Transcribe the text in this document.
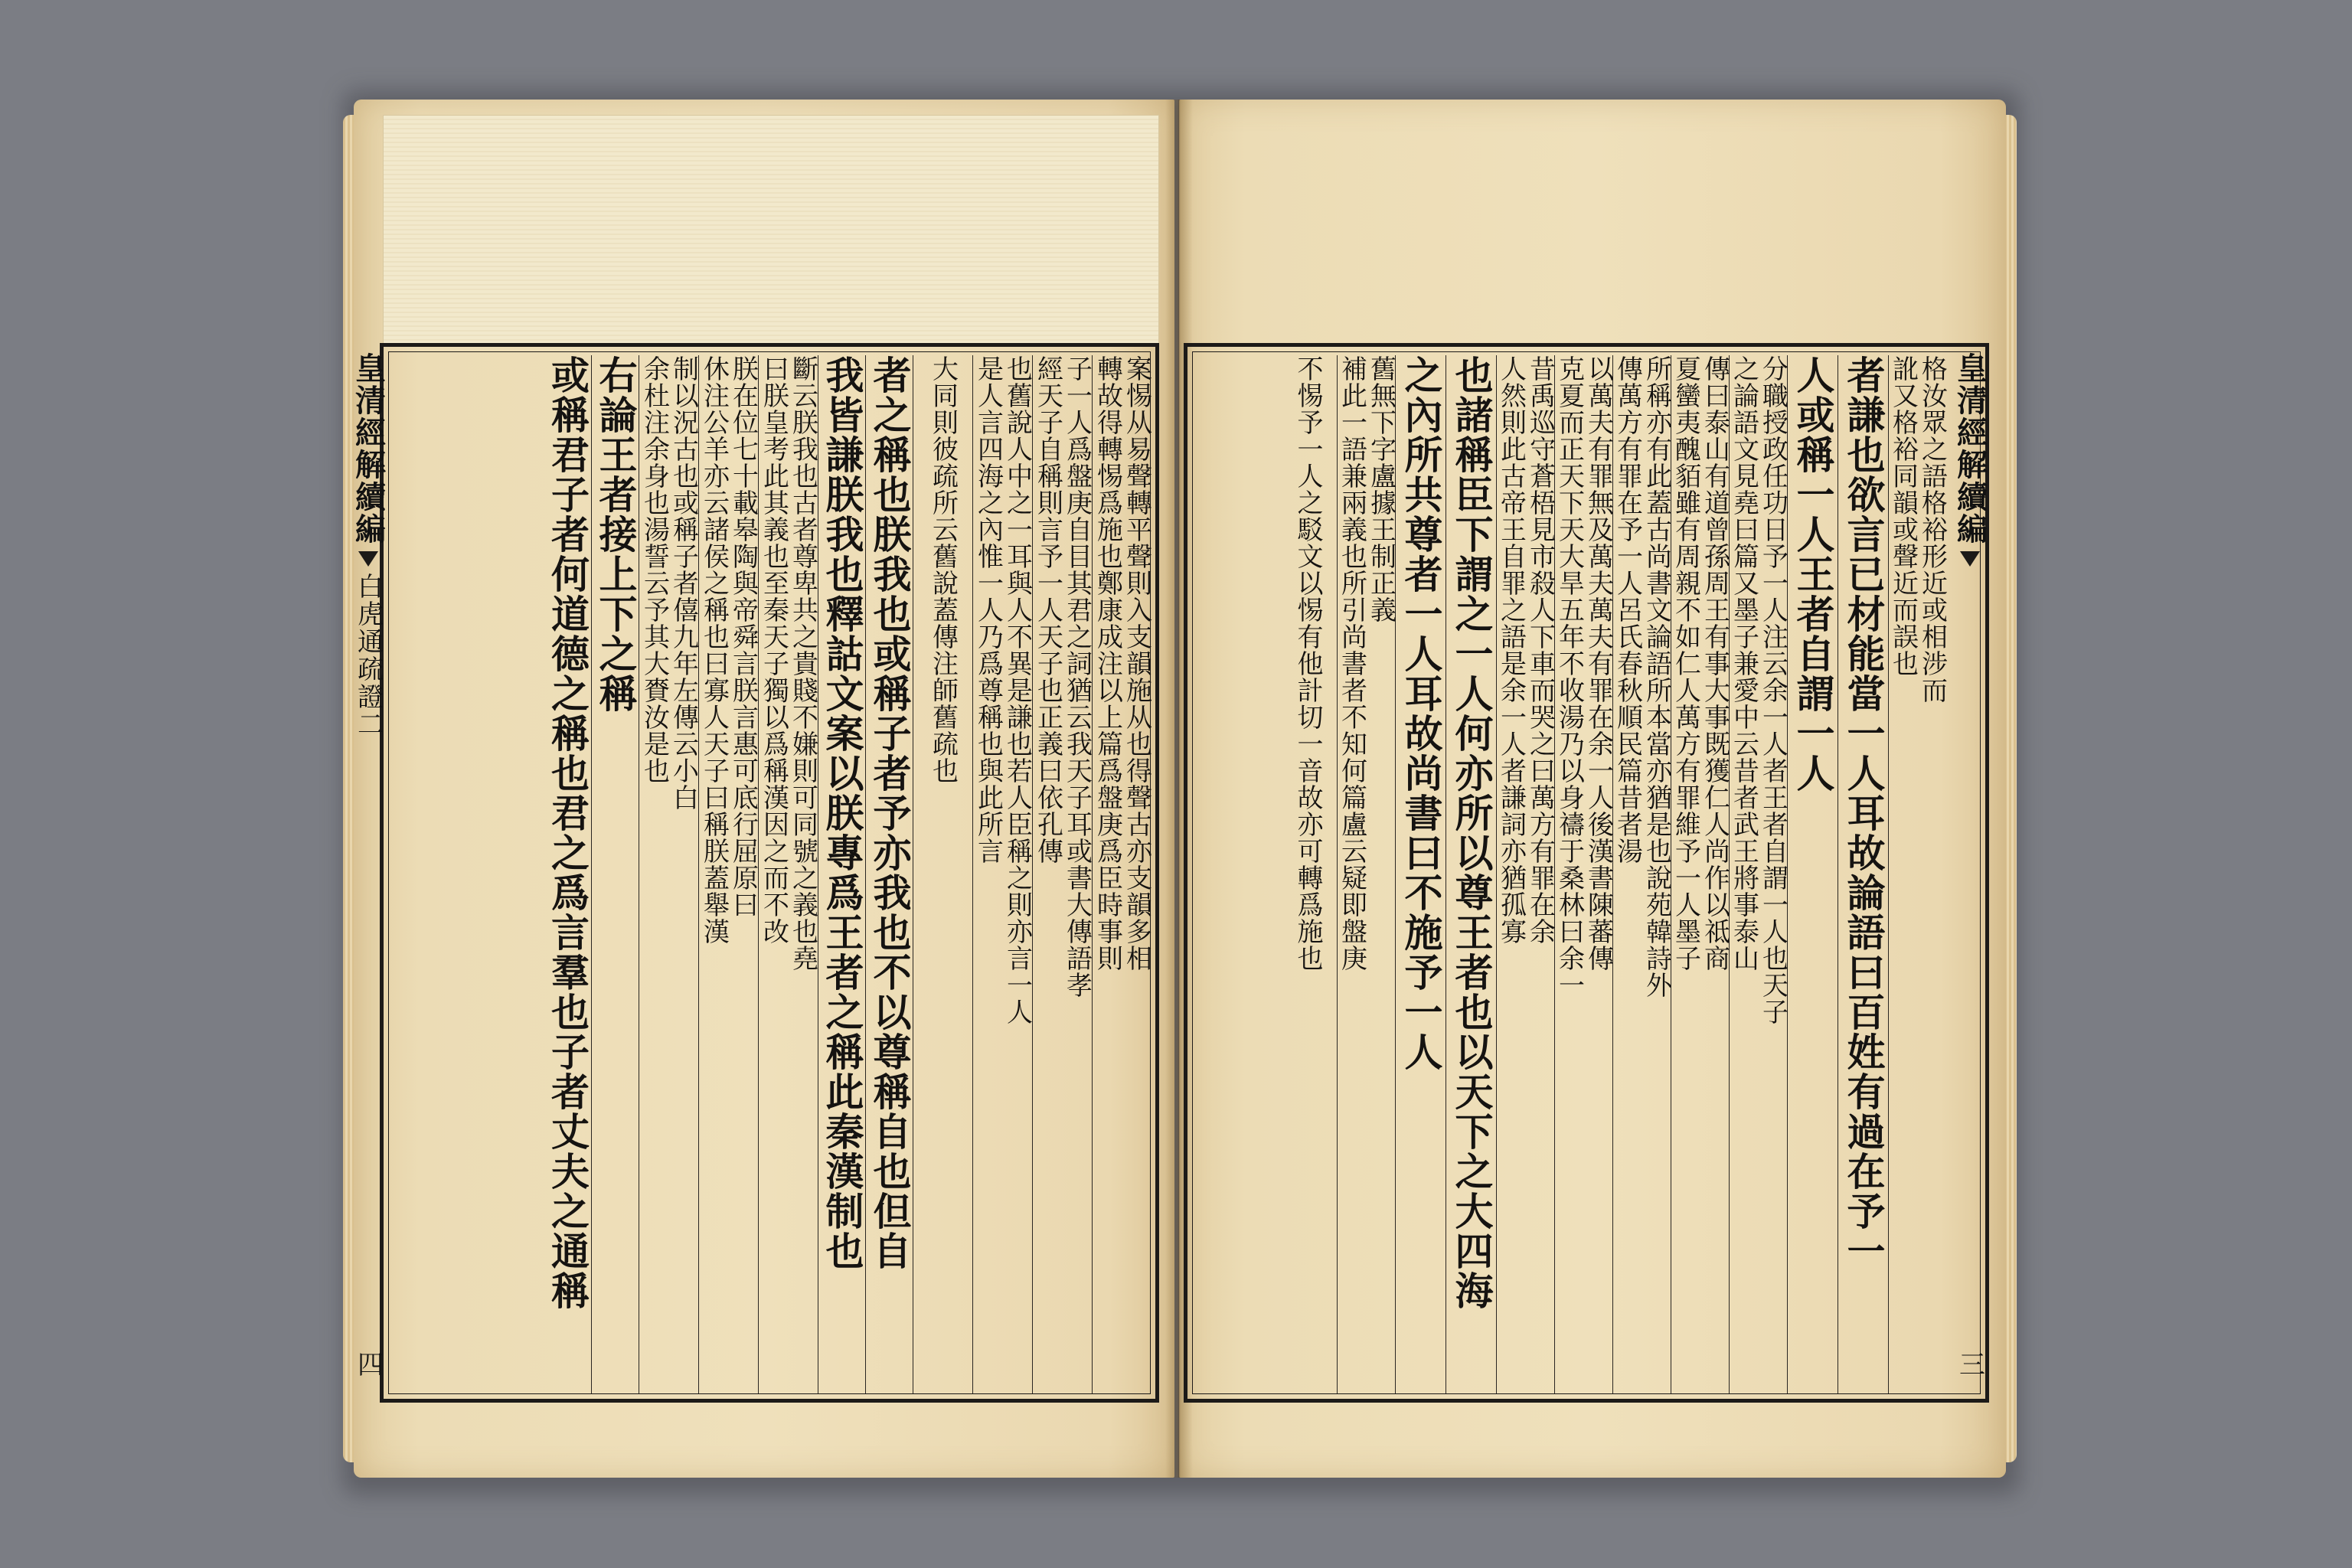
皇清經解續編
白虎通疏證二
四
案惕从易聲轉平聲則入支韻施从也得聲古亦支韻多相
轉故得轉惕爲施也鄭康成注以上篇爲盤庚爲臣時事則
子一人爲盤庚自目其君之詞猶云我天子耳或書大傳語孝
經天子自稱則言予一人天子也正義曰依孔傳
也舊說人中之一耳與人不異是謙也若人臣稱之則亦言一人
是人言四海之內惟一人乃爲尊稱也與此所言
大同則彼疏所云舊說蓋傳注師舊疏也
者之稱也朕我也或稱子者予亦我也不以尊稱自也但自
我皆謙朕我也釋詁文案以朕專爲王者之稱此秦漢制也
斷云朕我也古者尊卑共之貴賤不嫌則可同號之義也堯
曰朕皇考此其義也至秦天子獨以爲稱漢因之而不改
朕在位七十載皋陶與帝舜言朕言惠可底行屈原曰
休注公羊亦云諸侯之稱也曰寡人天子曰稱朕蓋舉漢
制以況古也或稱子者僖九年左傳云小白
余杜注余身也湯誓云予其大賚汝是也
右論王者接上下之稱
或稱君子者何道德之稱也君之爲言羣也子者丈夫之通稱	皇清經解續編
三
格汝眾之語格裕形近或相涉而
訛又格裕同韻或聲近而誤也
者謙也欲言已材能當一人耳故論語曰百姓有過在予一
人或稱一人王者自謂一人
分職授政任功日予一人注云余一人者王者自謂一人也天子
之論語文見堯曰篇又墨子兼愛中云昔者武王將事泰山
傳曰泰山有道曾孫周王有事大事既獲仁人尚作以祗商
夏蠻夷醜貊雖有周親不如仁人萬方有罪維予一人墨子
所稱亦有此蓋古尚書文論語所本當亦猶是也說苑韓詩外
傳萬方有罪在予一人呂氏春秋順民篇昔者湯
以萬夫有罪無及萬夫萬夫有罪在余一人後漢書陳蕃傳
克夏而正天下天大旱五年不收湯乃以身禱于桑林曰余一
昔禹巡守蒼梧見市殺人下車而哭之曰萬方有罪在余
人然則此古帝王自罪之語是余一人者謙詞亦猶孤寡
也諸稱臣下謂之一人何亦所以尊王者也以天下之大四海
之內所共尊者一人耳故尚書曰不施予一人
舊無下字盧據王制正義
補此一語兼兩義也所引尚書者不知何篇盧云疑即盤庚
不惕予一人之駁文以惕有他計切一音故亦可轉爲施也
